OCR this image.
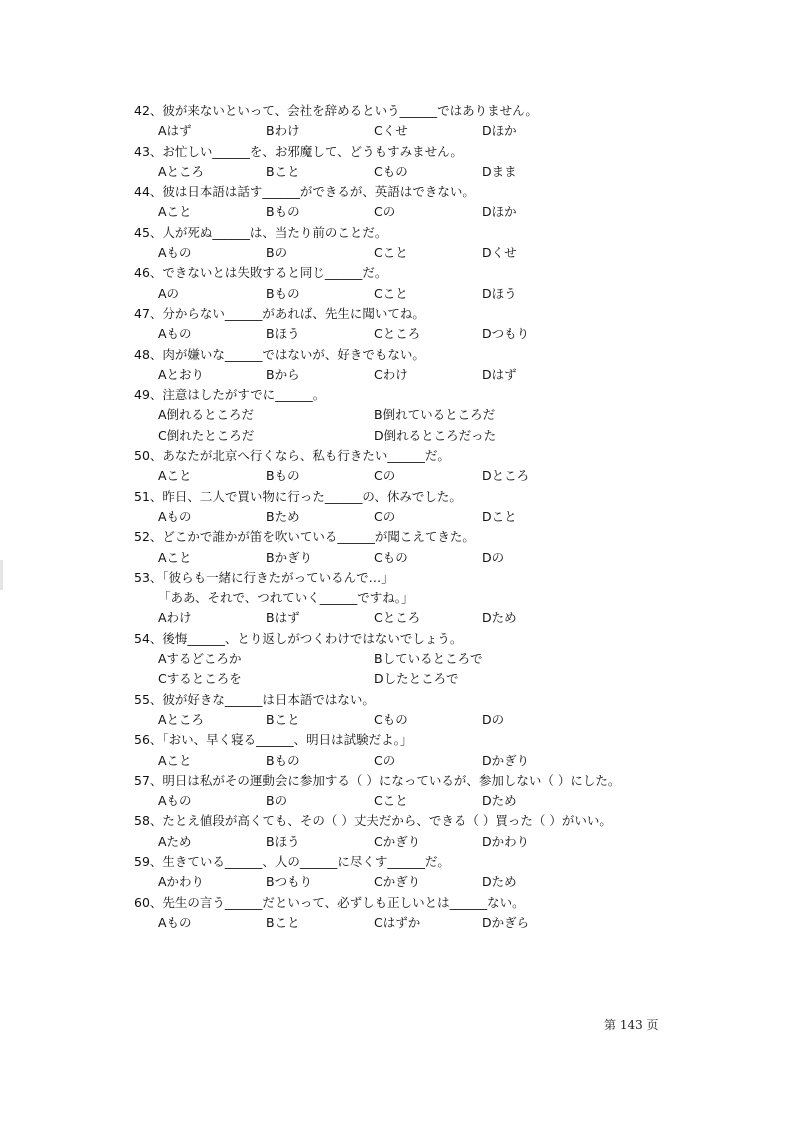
42、彼が来ないといって、会社を辞めるという______ではありません。
Aはず	Bわけ	Cくせ	Dほか
43、お忙しい______を、お邪魔して、どうもすみません。
Aところ	Bこと	Cもの	Dまま
44、彼は日本語は話す______ができるが、英語はできない。
Aこと	Bもの	Cの	Dほか
45、人が死ぬ______は、当たり前のことだ。
Aもの	Bの	Cこと	Dくせ
46、できないとは失敗すると同じ______だ。
Aの	Bもの	Cこと	Dほう
47、分からない______があれば、先生に聞いてね。
Aもの	Bほう	Cところ	Dつもり
48、肉が嫌いな______ではないが、好きでもない。
Aとおり	Bから	Cわけ	Dはず
49、注意はしたがすでに______。
A倒れるところだ	B倒れているところだ
C倒れたところだ	D倒れるところだった
50、あなたが北京へ行くなら、私も行きたい______だ。
Aこと	Bもの	Cの	Dところ
51、昨日、二人で買い物に行った______の、休みでした。
Aもの	Bため	Cの	Dこと
52、どこかで誰かが笛を吹いている______が聞こえてきた。
Aこと	Bかぎり	Cもの	Dの
53、「彼らも一緒に行きたがっているんで…」
「ああ、それで、つれていく______ですね。」
Aわけ	Bはず	Cところ	Dため
54、後悔______、とり返しがつくわけではないでしょう。
Aするどころか	Bしているところで
Cするところを	Dしたところで
55、彼が好きな______は日本語ではない。
Aところ	Bこと	Cもの	Dの
56、「おい、早く寝る______、明日は試験だよ。」
Aこと	Bもの	Cの	Dかぎり
57、明日は私がその運動会に参加する（ ）になっているが、参加しない（ ）にした。
Aもの	Bの	Cこと	Dため
58、たとえ値段が高くても、その（ ）丈夫だから、できる（ ）買った（ ）がいい。
Aため	Bほう	Cかぎり	Dかわり
59、生きている______、人の______に尽くす______だ。
Aかわり	Bつもり	Cかぎり	Dため
60、先生の言う______だといって、必ずしも正しいとは______ない。
Aもの	Bこと	Cはずか	Dかぎら
第 143 页
